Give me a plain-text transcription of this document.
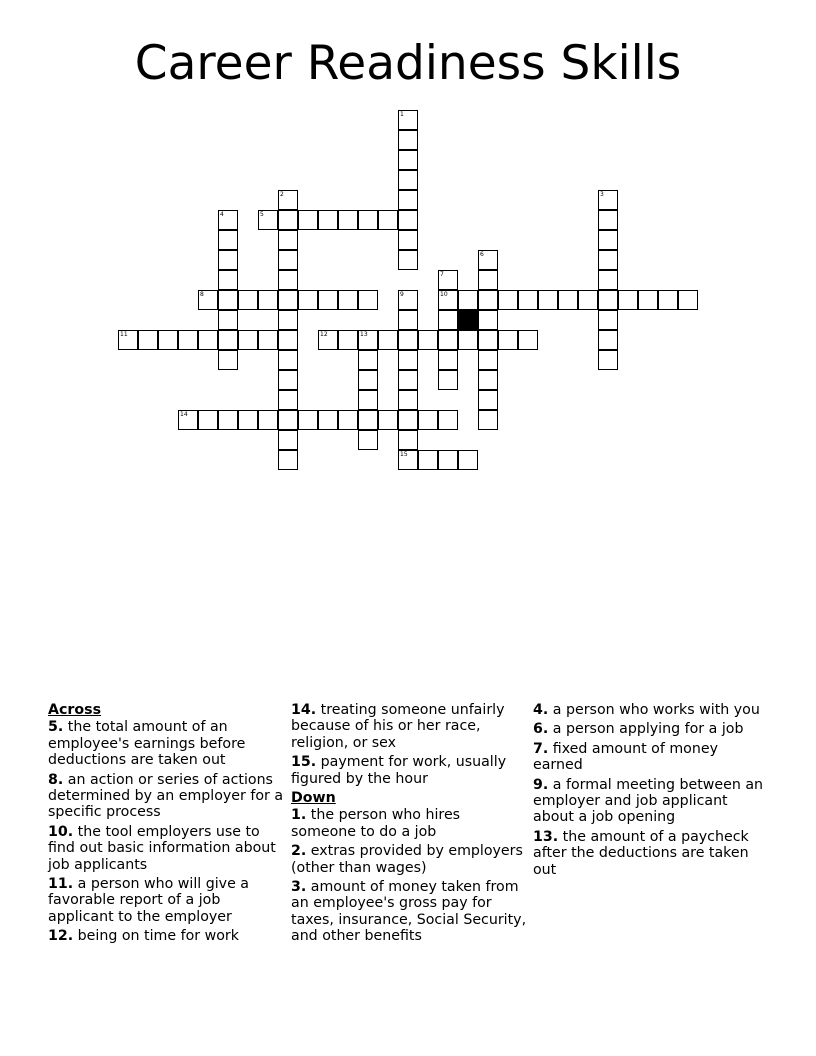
Career Readiness Skills
1
2	3
4	5
6
7
8	9	10
11	12	13
14
15
Across
5. the total amount of an employee's earnings before deductions are taken out
8. an action or series of actions determined by an employer for a specific process
10. the tool employers use to find out basic information about job applicants
11. a person who will give a favorable report of a job applicant to the employer
12. being on time for work
14. treating someone unfairly because of his or her race, religion, or sex
15. payment for work, usually figured by the hour
Down
1. the person who hires someone to do a job
2. extras provided by employers (other than wages)
3. amount of money taken from an employee's gross pay for taxes, insurance, Social Security, and other benefits
4. a person who works with you
6. a person applying for a job
7. fixed amount of money earned
9. a formal meeting between an employer and job applicant about a job opening
13. the amount of a paycheck after the deductions are taken out
